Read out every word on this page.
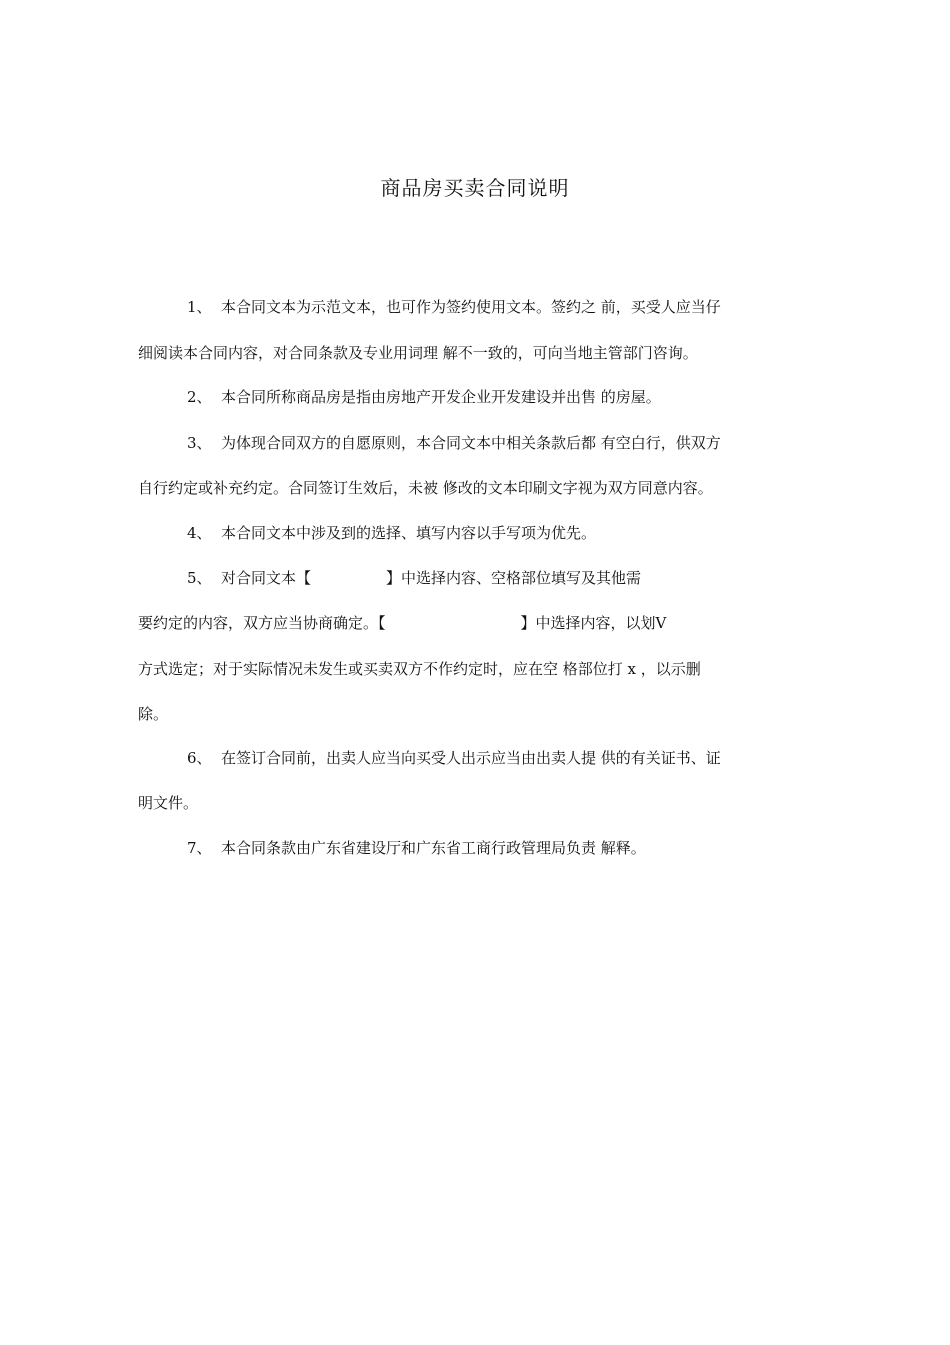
商品房买卖合同说明
1、 本合同文本为示范文本，也可作为签约使用文本。签约之 前，买受人应当仔
细阅读本合同内容，对合同条款及专业用词理 解不一致的，可向当地主管部门咨询。
2、 本合同所称商品房是指由房地产开发企业开发建设并出售 的房屋。
3、 为体现合同双方的自愿原则，本合同文本中相关条款后都 有空白行，供双方
自行约定或补充约定。合同签订生效后，未被 修改的文本印刷文字视为双方同意内容。
4、 本合同文本中涉及到的选择、填写内容以手写项为优先。
5、 对合同文本【　　　　　】中选择内容、空格部位填写及其他需
要约定的内容，双方应当协商确定。【　　　　　　　　　】中选择内容，以划V
方式选定；对于实际情况未发生或买卖双方不作约定时，应在空 格部位打 x ，以示删
除。
6、 在签订合同前，出卖人应当向买受人出示应当由出卖人提 供的有关证书、证
明文件。
7、 本合同条款由广东省建设厅和广东省工商行政管理局负责 解释。
